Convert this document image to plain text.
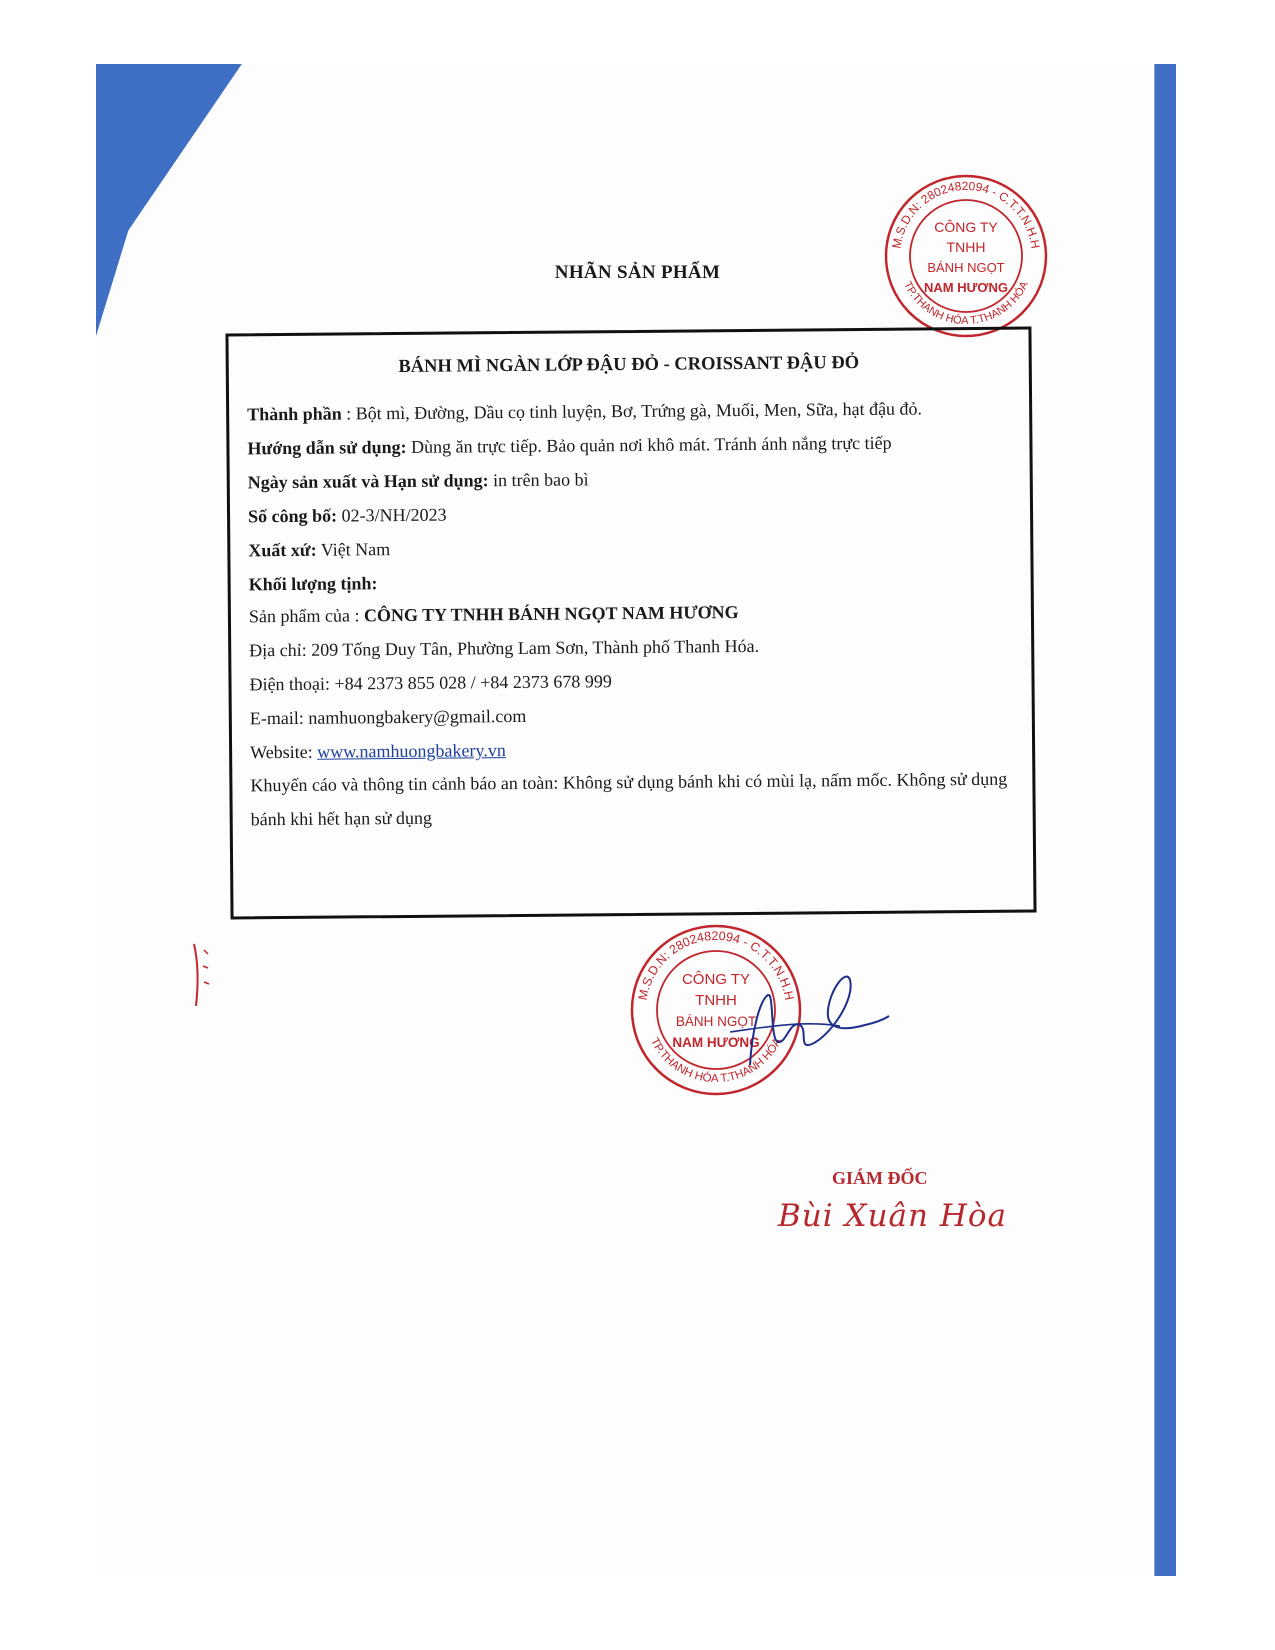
M.S.D.N: 2802482094 - C.T.T.N.H.H
TP.THANH HÓA T.THANH HÓA
CÔNG TY
TNHH
BÁNH NGỌT
NAM HƯƠNG
NHÃN SẢN PHẨM
BÁNH MÌ NGÀN LỚP ĐẬU ĐỎ - CROISSANT ĐẬU ĐỎ
Thành phần : Bột mì, Đường, Dầu cọ tinh luyện, Bơ, Trứng gà, Muối, Men, Sữa, hạt đậu đỏ.
Hướng dẫn sử dụng: Dùng ăn trực tiếp. Bảo quản nơi khô mát. Tránh ánh nắng trực tiếp
Ngày sản xuất và Hạn sử dụng: in trên bao bì
Số công bố: 02-3/NH/2023
Xuất xứ: Việt Nam
Khối lượng tịnh:
Sản phẩm của : CÔNG TY TNHH BÁNH NGỌT NAM HƯƠNG
Địa chỉ: 209 Tống Duy Tân, Phường Lam Sơn, Thành phố Thanh Hóa.
Điện thoại: +84 2373 855 028 / +84 2373 678 999
E-mail: namhuongbakery@gmail.com
Website: www.namhuongbakery.vn
Khuyến cáo và thông tin cảnh báo an toàn: Không sử dụng bánh khi có mùi lạ, nấm mốc. Không sử dụng bánh khi hết hạn sử dụng
M.S.D.N: 2802482094 - C.T.T.N.H.H
TP.THANH HÓA T.THANH HÓA
CÔNG TY
TNHH
BÁNH NGỌT
NAM HƯƠNG
GIÁM ĐỐC
Bùi Xuân Hòa
